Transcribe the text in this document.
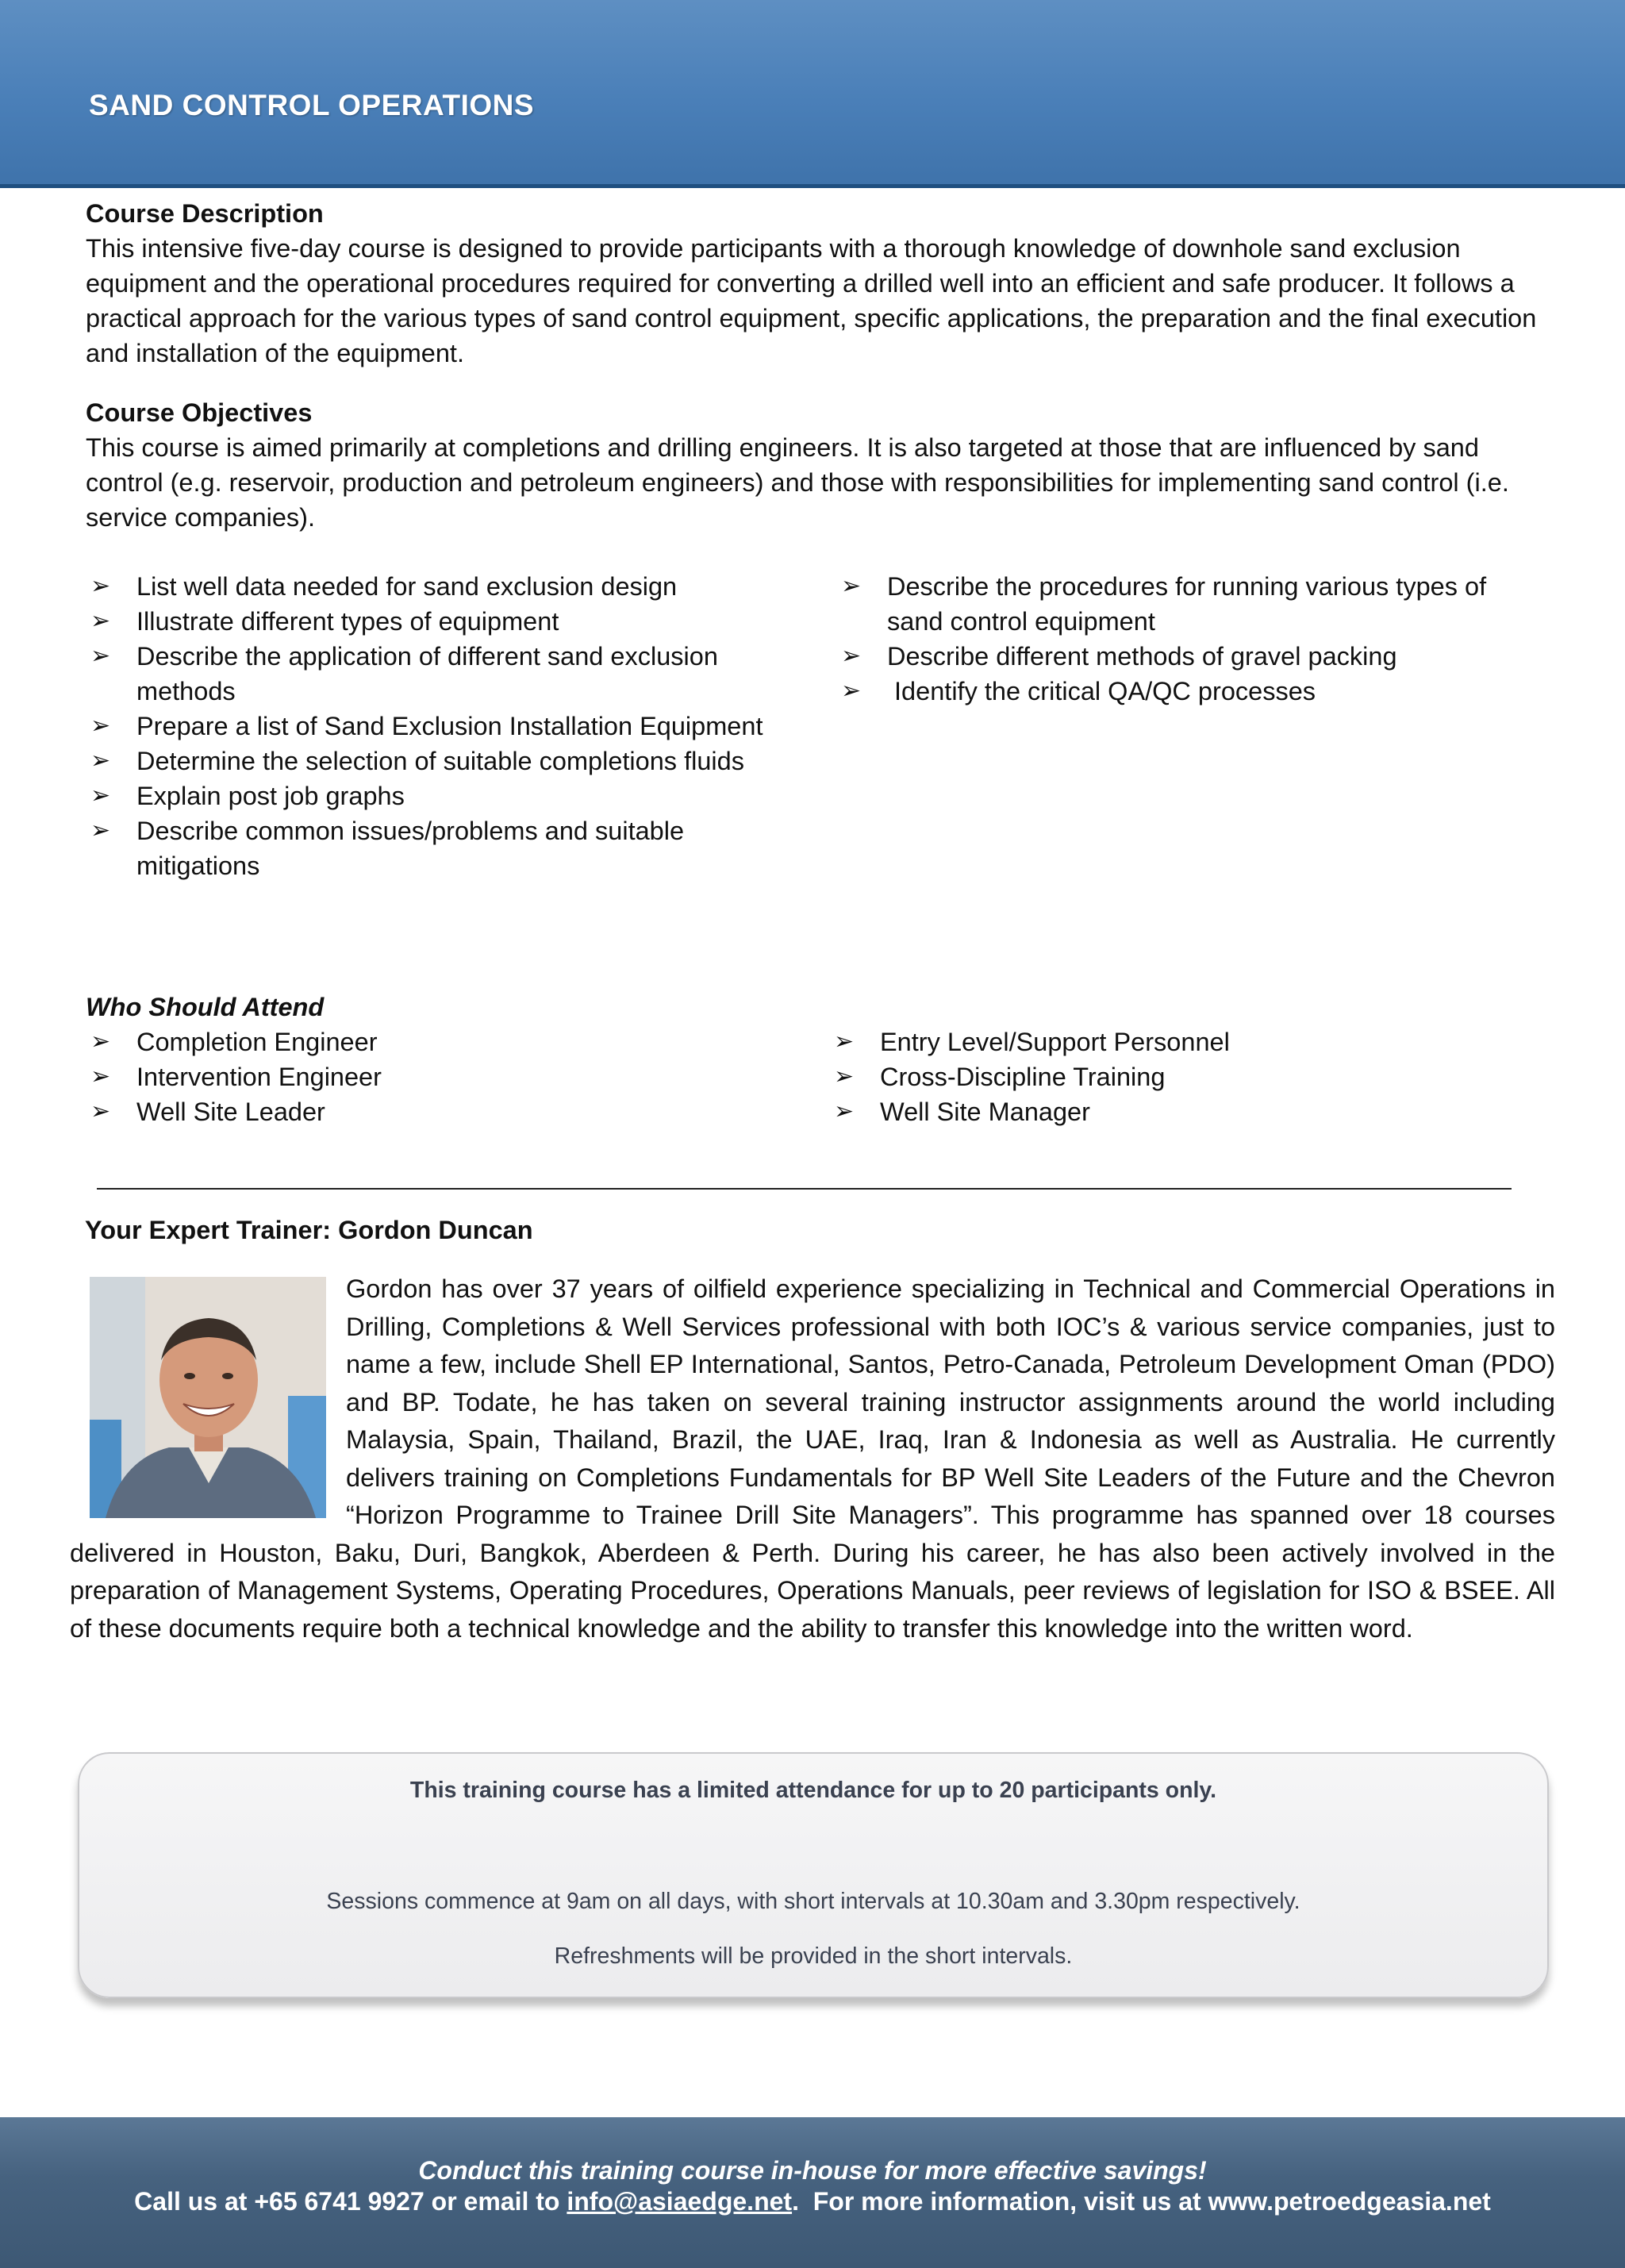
SAND CONTROL OPERATIONS
Course Description

This intensive five-day course is designed to provide participants with a thorough knowledge of downhole sand exclusion equipment and the operational procedures required for converting a drilled well into an efficient and safe producer. It follows a practical approach for the various types of sand control equipment, specific applications, the preparation and the final execution and installation of the equipment.

Course Objectives

This course is aimed primarily at completions and drilling engineers. It is also targeted at those that are influenced by sand control (e.g. reservoir, production and petroleum engineers) and those with responsibilities for implementing sand control (i.e. service companies).

➢ List well data needed for sand exclusion design
➢ Illustrate different types of equipment
➢ Describe the application of different sand exclusion methods
➢ Prepare a list of Sand Exclusion Installation Equipment
➢ Determine the selection of suitable completions fluids
➢ Explain post job graphs
➢ Describe common issues/problems and suitable mitigations
➢ Describe the procedures for running various types of sand control equipment
➢ Describe different methods of gravel packing
➢ Identify the critical QA/QC processes
Who Should Attend
➢ Completion Engineer
➢ Intervention Engineer
➢ Well Site Leader
➢ Entry Level/Support Personnel
➢ Cross-Discipline Training
➢ Well Site Manager
Your Expert Trainer: Gordon Duncan
Gordon has over 37 years of oilfield experience specializing in Technical and Commercial Operations in Drilling, Completions & Well Services professional with both IOC’s & various service companies, just to name a few, include Shell EP International, Santos, Petro-Canada, Petroleum Development Oman (PDO) and BP. Todate, he has taken on several training instructor assignments around the world including Malaysia, Spain, Thailand, Brazil, the UAE, Iraq, Iran & Indonesia as well as Australia. He currently delivers training on Completions Fundamentals for BP Well Site Leaders of the Future and the Chevron “Horizon Programme to Trainee Drill Site Managers”. This programme has spanned over 18 courses delivered in Houston, Baku, Duri, Bangkok, Aberdeen & Perth. During his career, he has also been actively involved in the preparation of Management Systems, Operating Procedures, Operations Manuals, peer reviews of legislation for ISO & BSEE. All of these documents require both a technical knowledge and the ability to transfer this knowledge into the written word.
This training course has a limited attendance for up to 20 participants only.
Sessions commence at 9am on all days, with short intervals at 10.30am and 3.30pm respectively.
Refreshments will be provided in the short intervals.
Conduct this training course in-house for more effective savings!
Call us at +65 6741 9927 or email to info@asiaedge.net.  For more information, visit us at www.petroedgeasia.net
